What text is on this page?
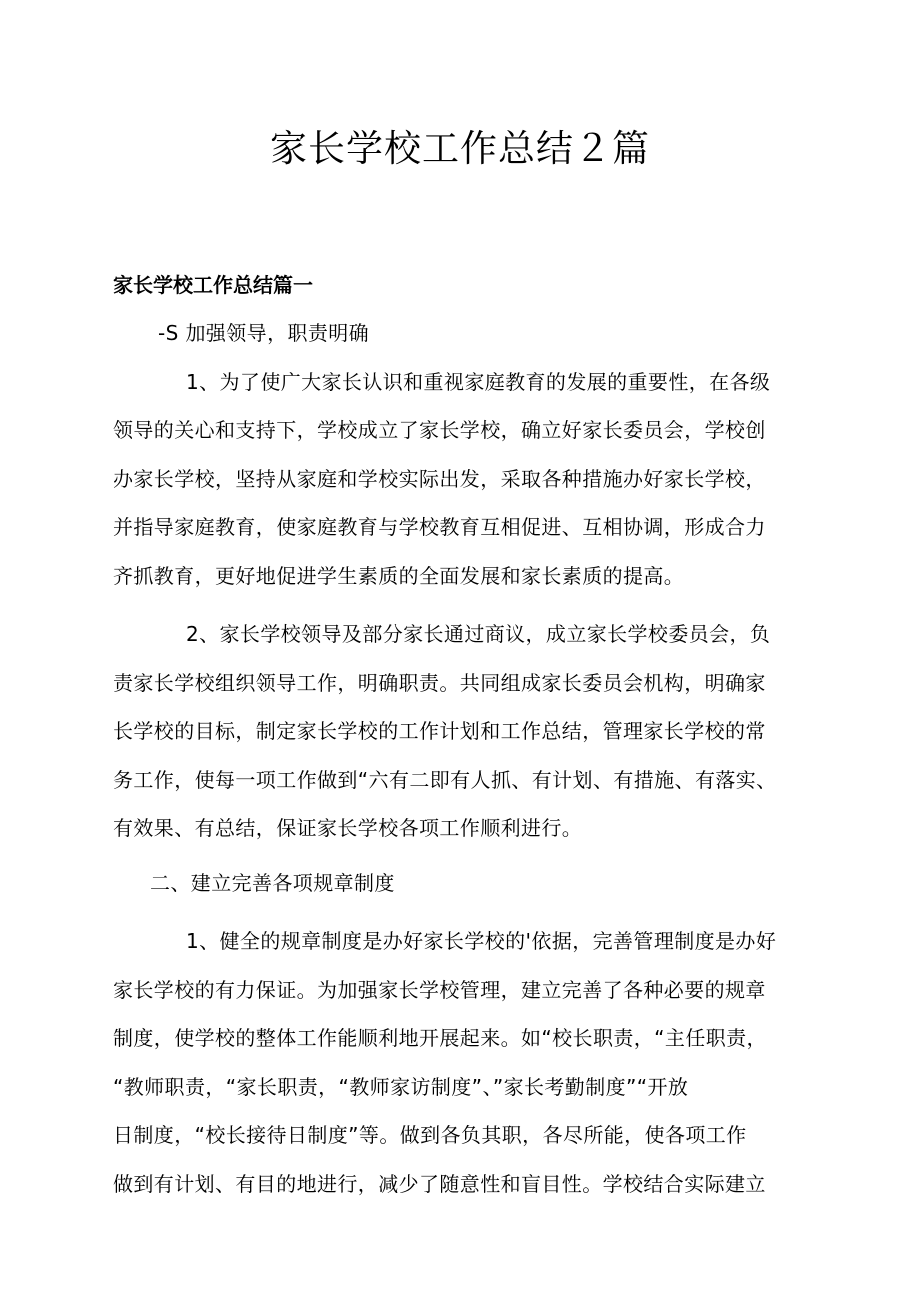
家长学校工作总结２篇

家长学校工作总结篇一

-S 加强领导，职责明确

1、为了使广大家长认识和重视家庭教育的发展的重要性，在各级

领导的关心和支持下，学校成立了家长学校，确立好家长委员会，学校创

办家长学校，坚持从家庭和学校实际出发，采取各种措施办好家长学校，

并指导家庭教育，使家庭教育与学校教育互相促进、互相协调，形成合力

齐抓教育，更好地促进学生素质的全面发展和家长素质的提高。

2、家长学校领导及部分家长通过商议，成立家长学校委员会，负

责家长学校组织领导工作，明确职责。共同组成家长委员会机构，明确家

长学校的目标，制定家长学校的工作计划和工作总结，管理家长学校的常

务工作，使每一项工作做到“六有二即有人抓、有计划、有措施、有落实、

有效果、有总结，保证家长学校各项工作顺利进行。

二、建立完善各项规章制度

1、健全的规章制度是办好家长学校的'依据，完善管理制度是办好

家长学校的有力保证。为加强家长学校管理，建立完善了各种必要的规章

制度，使学校的整体工作能顺利地开展起来。如“校长职责，“主任职责，

“教师职责，“家长职责，“教师家访制度”、”家长考勤制度”“开放

日制度，“校长接待日制度”等。做到各负其职，各尽所能，使各项工作

做到有计划、有目的地进行，减少了随意性和盲目性。学校结合实际建立
